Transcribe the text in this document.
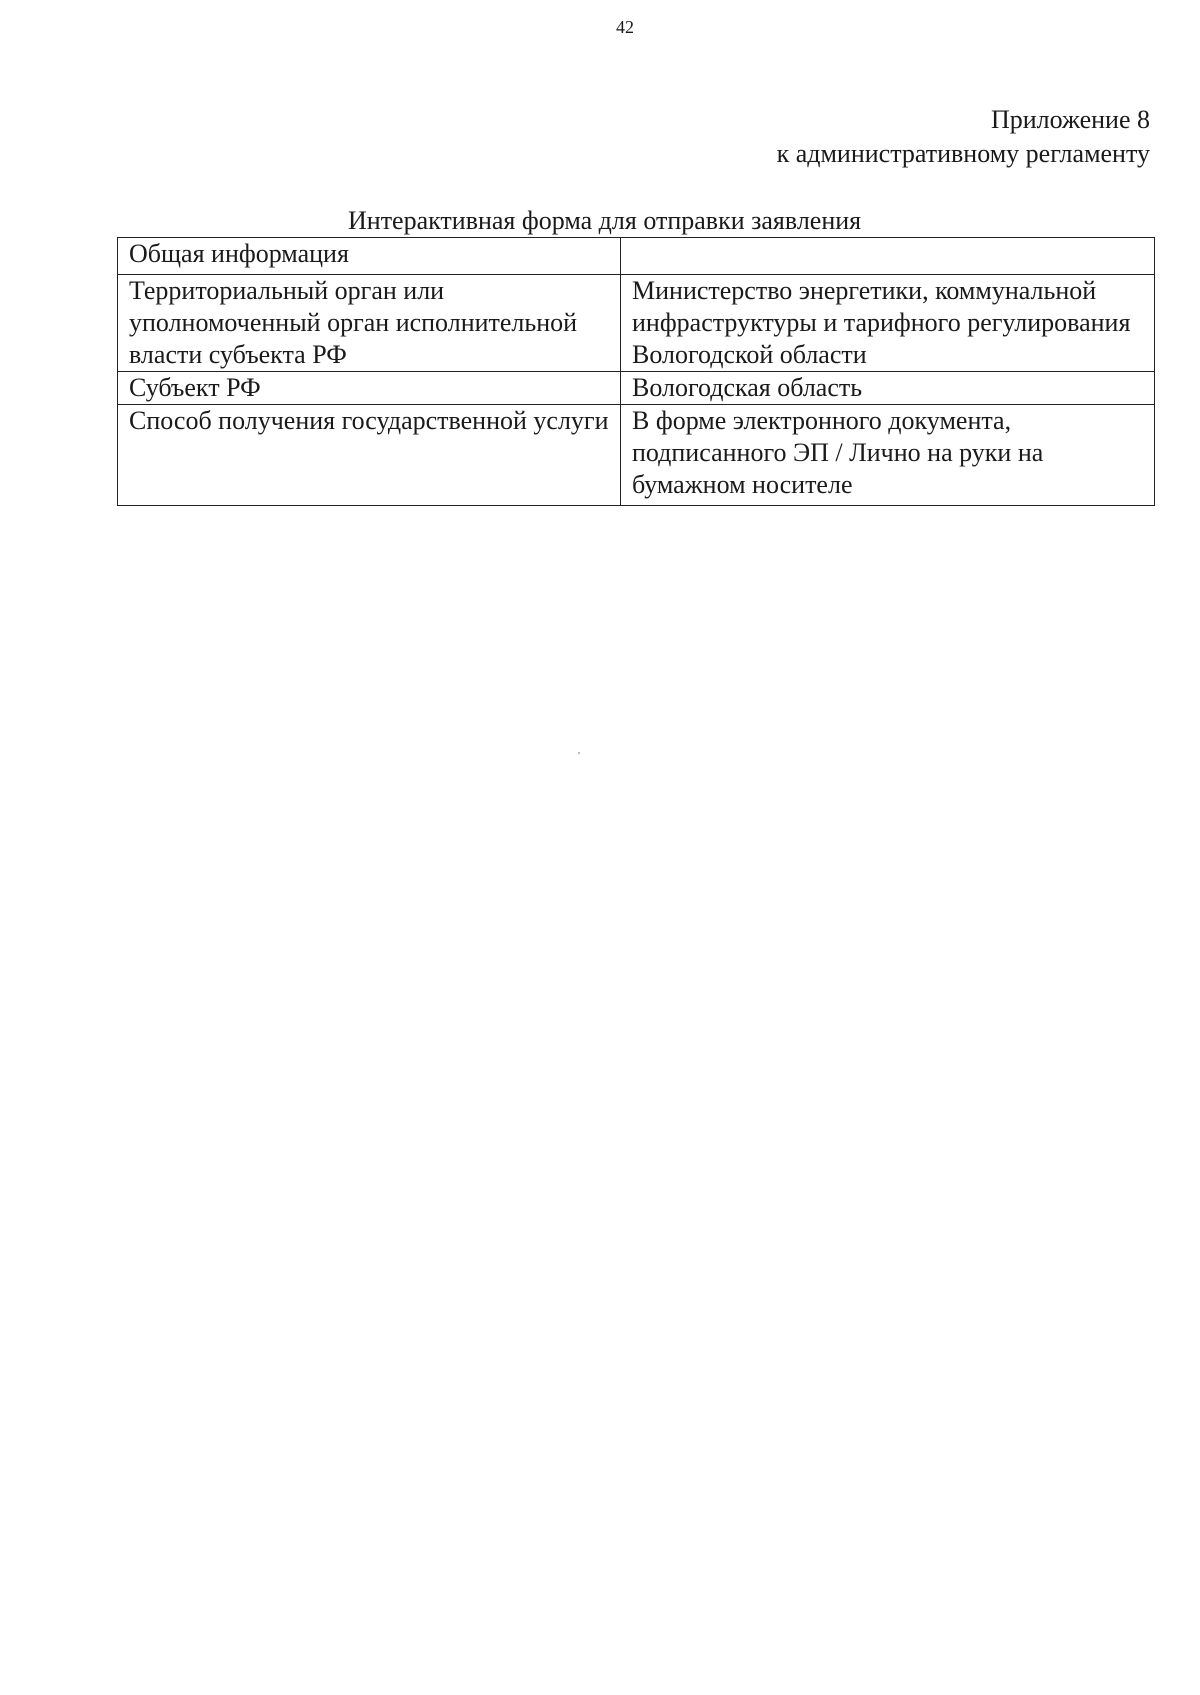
42
Приложение 8
к административному регламенту
Интерактивная форма для отправки заявления
Общая информация	
Территориальный орган или уполномоченный орган исполнительной власти субъекта РФ	Министерство энергетики, коммунальной инфраструктуры и тарифного регулирования Вологодской области
Субъект РФ	Вологодская область
Способ получения государственной услуги	В форме электронного документа, подписанного ЭП / Лично на руки на бумажном носителе
